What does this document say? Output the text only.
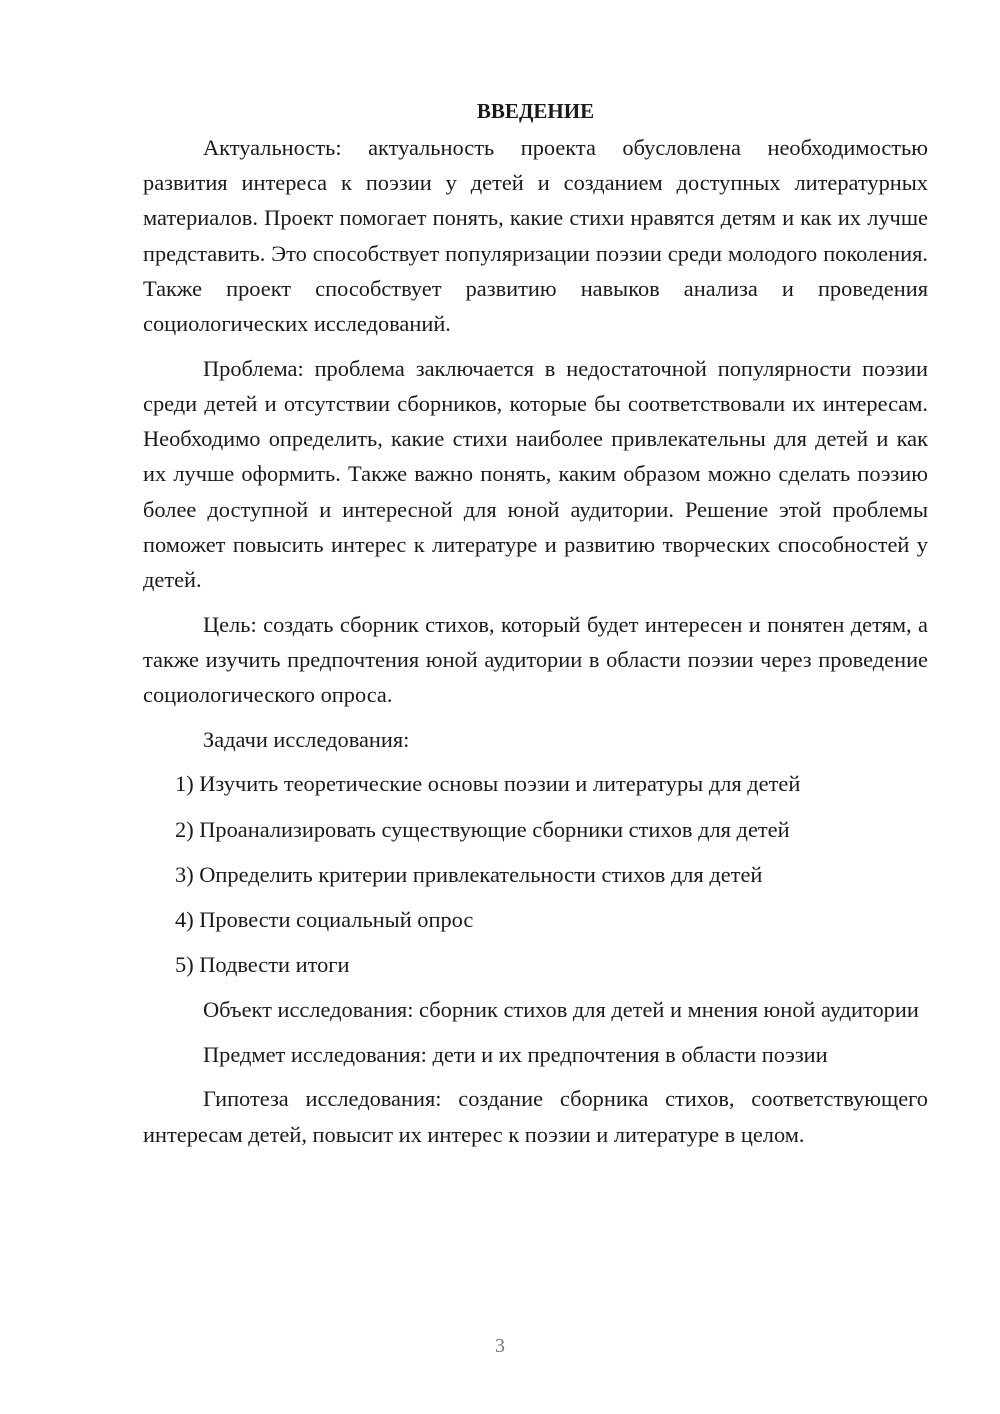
ВВЕДЕНИЕ

Актуальность: актуальность проекта обусловлена необходимостью развития интереса к поэзии у детей и созданием доступных литературных материалов. Проект помогает понять, какие стихи нравятся детям и как их лучше представить. Это способствует популяризации поэзии среди молодого поколения. Также проект способствует развитию навыков анализа и проведения социологических исследований.

Проблема: проблема заключается в недостаточной популярности поэзии среди детей и отсутствии сборников, которые бы соответствовали их интересам. Необходимо определить, какие стихи наиболее привлекательны для детей и как их лучше оформить. Также важно понять, каким образом можно сделать поэзию более доступной и интересной для юной аудитории. Решение этой проблемы поможет повысить интерес к литературе и развитию творческих способностей у детей.

Цель: создать сборник стихов, который будет интересен и понятен детям, а также изучить предпочтения юной аудитории в области поэзии через проведение социологического опроса.

Задачи исследования:

1) Изучить теоретические основы поэзии и литературы для детей
2) Проанализировать существующие сборники стихов для детей
3) Определить критерии привлекательности стихов для детей
4) Провести социальный опрос
5) Подвести итоги

Объект исследования: сборник стихов для детей и мнения юной аудитории

Предмет исследования: дети и их предпочтения в области поэзии

Гипотеза исследования: создание сборника стихов, соответствующего интересам детей, повысит их интерес к поэзии и литературе в целом.

3
